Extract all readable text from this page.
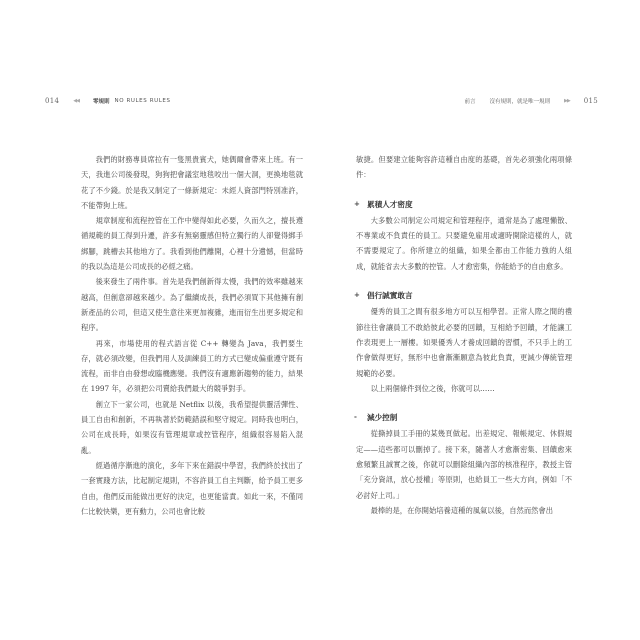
014	◀◀	零規則 NO RULES RULES

我們的財務專員席拉有一隻黑貴賓犬，她偶爾會帶來上班。有一天，我進公司後發現，狗狗把會議室地毯咬出一個大洞，更換地毯就花了不少錢。於是我又制定了一條新規定：未經人資部門特別准許，不能帶狗上班。

規章制度和流程控管在工作中變得如此必要，久而久之，擅長遵循規範的員工得到升遷，許多有無窮靈感但特立獨行的人卻覺得綁手綁腳，跳槽去其他地方了。我看到他們離開，心裡十分遺憾，但當時的我以為這是公司成長的必經之痛。

後來發生了兩件事。首先是我們創新得太慢，我們的效率雖越來越高，但創意卻越來越少。為了繼續成長，我們必須買下其他擁有創新產品的公司，但這又使生意往來更加複雜，進而衍生出更多規定和程序。

再來，市場使用的程式語言從 C++ 轉變為 Java，我們要生存，就必須改變，但我們用人及訓練員工的方式已變成偏重遵守既有流程，而非自由發想或臨機應變。我們沒有適應新趨勢的能力，結果在 1997 年，必須把公司賣給我們最大的競爭對手。

創立下一家公司，也就是 Netflix 以後，我希望提供靈活彈性、員工自由和創新，不再執著於防範錯誤和堅守規定。同時我也明白，公司在成長時，如果沒有管理規章或控管程序，組織很容易陷入混亂。

經過循序漸進的演化，多年下來在錯誤中學習，我們終於找出了一套實踐方法，比起制定規則，不容許員工自主判斷，給予員工更多自由，他們反而能做出更好的決定，也更能當責。如此一來，不僅同仁比較快樂，更有動力，公司也會比較

前言	沒有規則，就是唯一規則	▶▶ 015

敏捷。但要建立能夠容許這種自由度的基礎，首先必須強化兩項條件：

+ 累積人才密度

大多數公司制定公司規定和管理程序，通常是為了處理懶散、不專業或不負責任的員工。只要避免雇用或適時開除這樣的人，就不需要規定了。你所建立的組織，如果全都由工作能力強的人組成，就能省去大多數的控管。人才愈密集，你能給予的自由愈多。

+ 倡行誠實敢言

優秀的員工之間有很多地方可以互相學習。正常人際之間的禮節往往會讓員工不敢給彼此必要的回饋，互相給予回饋，才能讓工作表現更上一層樓。如果優秀人才養成回饋的習慣，不只手上的工作會做得更好，無形中也會漸漸願意為彼此負責，更減少傳統管理規範的必要。

以上兩個條件到位之後，你就可以……

-	減少控制

從撕掉員工手冊的某幾頁做起。出差規定、報帳規定、休假規定——這些都可以刪掉了。接下來，隨著人才愈漸密集、回饋愈來愈頻繁且誠實之後，你就可以刪除組織內部的核准程序，教授主管「充分資訊，放心授權」等原則，也給員工一些大方向，例如「不必討好上司。」

最棒的是，在你開始培養這種的風氣以後，自然而然會出
